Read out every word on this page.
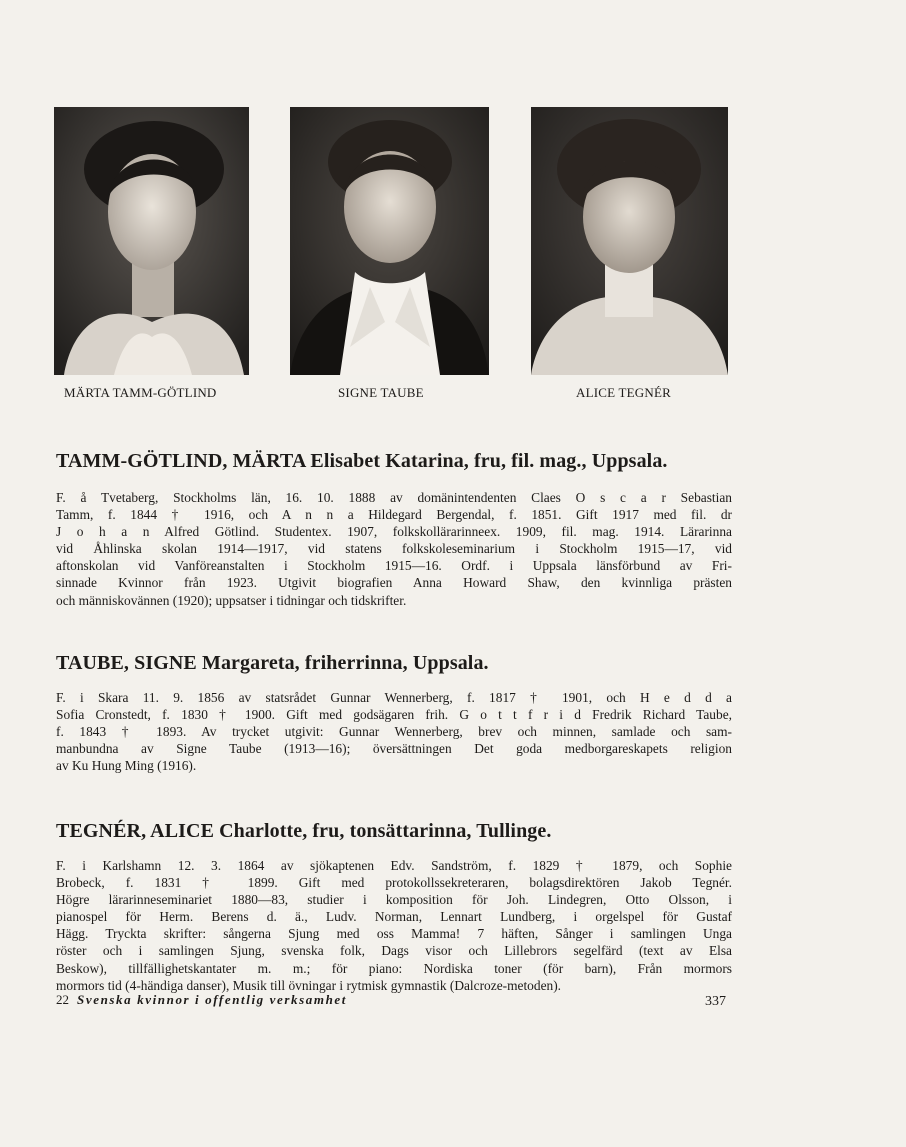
MÄRTA TAMM-GÖTLIND	SIGNE TAUBE	ALICE TEGNÉR
TAMM-GÖTLIND, MÄRTA Elisabet Katarina, fru, fil. mag., Uppsala.

F. å Tvetaberg, Stockholms län, 16. 10. 1888 av domänintendenten Claes O s c a r Sebastian
Tamm, f. 1844 † 1916, och A n n a Hildegard Bergendal, f. 1851. Gift 1917 med fil. dr
J o h a n Alfred Götlind. Studentex. 1907, folkskollärarinneex. 1909, fil. mag. 1914. Lärarinna
vid Åhlinska skolan 1914—1917, vid statens folkskoleseminarium i Stockholm 1915—17, vid
aftonskolan vid Vanföreanstalten i Stockholm 1915—16. Ordf. i Uppsala länsförbund av Fri-
sinnade Kvinnor från 1923. Utgivit biografien Anna Howard Shaw, den kvinnliga prästen
och människovännen (1920); uppsatser i tidningar och tidskrifter.

TAUBE, SIGNE Margareta, friherrinna, Uppsala.

F. i Skara 11. 9. 1856 av statsrådet Gunnar Wennerberg, f. 1817 † 1901, och H e d d a
Sofia Cronstedt, f. 1830 † 1900. Gift med godsägaren frih. G o t t f r i d Fredrik Richard Taube,
f. 1843 † 1893. Av trycket utgivit: Gunnar Wennerberg, brev och minnen, samlade och sam-
manbundna av Signe Taube (1913—16); översättningen Det goda medborgareskapets religion
av Ku Hung Ming (1916).

TEGNÉR, ALICE Charlotte, fru, tonsättarinna, Tullinge.

F. i Karlshamn 12. 3. 1864 av sjökaptenen Edv. Sandström, f. 1829 † 1879, och Sophie
Brobeck, f. 1831 † 1899. Gift med protokollssekreteraren, bolagsdirektören Jakob Tegnér.
Högre lärarinneseminariet 1880—83, studier i komposition för Joh. Lindegren, Otto Olsson, i
pianospel för Herm. Berens d. ä., Ludv. Norman, Lennart Lundberg, i orgelspel för Gustaf
Hägg. Tryckta skrifter: sångerna Sjung med oss Mamma! 7 häften, Sånger i samlingen Unga
röster och i samlingen Sjung, svenska folk, Dags visor och Lillebrors segelfärd (text av Elsa
Beskow), tillfällighetskantater m. m.; för piano: Nordiska toner (för barn), Från mormors
mormors tid (4-händiga danser), Musik till övningar i rytmisk gymnastik (Dalcroze-metoden).

22 Svenska kvinnor i offentlig verksamhet	337
